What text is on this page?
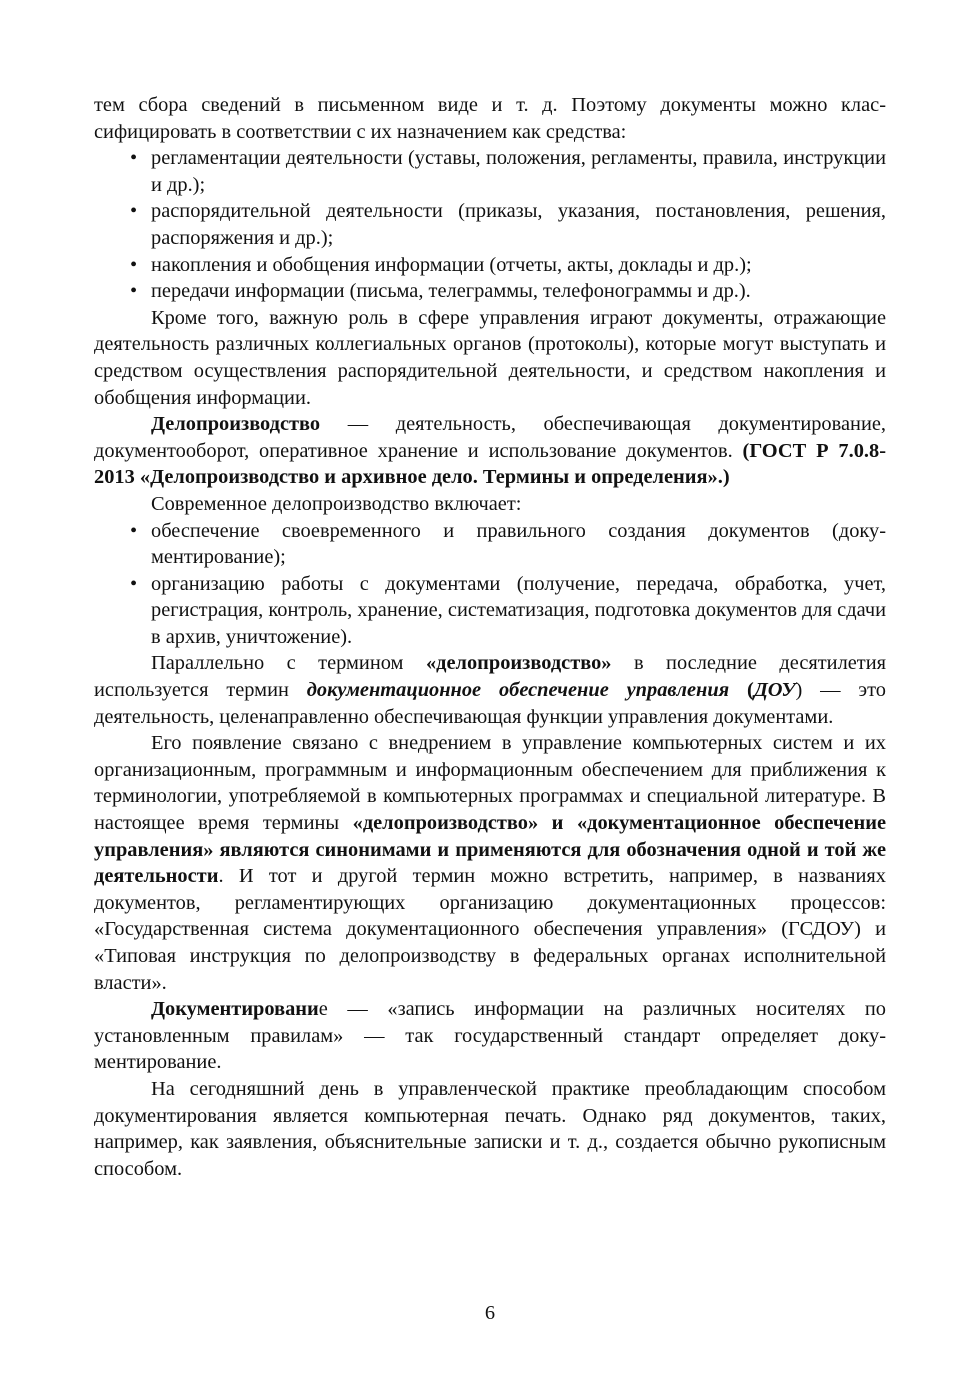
тем сбора сведений в письменном виде и т. д. Поэтому документы можно классифицировать в соответствии с их назначением как средства:

• регламентации деятельности (уставы, положения, регламенты, правила, инструкции и др.);
• распорядительной деятельности (приказы, указания, постановления, решения, распоряжения и др.);
• накопления и обобщения информации (отчеты, акты, доклады и др.);
• передачи информации (письма, телеграммы, телефонограммы и др.).

Кроме того, важную роль в сфере управления играют документы, отражающие деятельность различных коллегиальных органов (протоколы), которые могут выступать и средством осуществления распорядительной деятельности, и средством накопления и обобщения информации.

Делопроизводство — деятельность, обеспечивающая документирование, документооборот, оперативное хранение и использование документов. (ГОСТ Р 7.0.8-2013 «Делопроизводство и архивное дело. Термины и определения».)

Современное делопроизводство включает:

• обеспечение своевременного и правильного создания документов (документирование);
• организацию работы с документами (получение, передача, обработка, учет, регистрация, контроль, хранение, систематизация, подготовка документов для сдачи в архив, уничтожение).

Параллельно с термином «делопроизводство» в последние десятилетия используется термин документационное обеспечение управления (ДОУ) — это деятельность, целенаправленно обеспечивающая функции управления документами.

Его появление связано с внедрением в управление компьютерных систем и их организационным, программным и информационным обеспечением для приближения к терминологии, употребляемой в компьютерных программах и специальной литературе. В настоящее время термины «делопроизводство» и «документационное обеспечение управления» являются синонимами и применяются для обозначения одной и той же деятельности. И тот и другой термин можно встретить, например, в названиях документов, регламентирующих организацию документационных процессов: «Государственная система документационного обеспечения управления» (ГСДОУ) и «Типовая инструкция по делопроизводству в федеральных органах исполнительной власти».

Документирование — «запись информации на различных носителях по установленным правилам» — так государственный стандарт определяет документирование.

На сегодняшний день в управленческой практике преобладающим способом документирования является компьютерная печать. Однако ряд документов, таких, например, как заявления, объяснительные записки и т. д., создается обычно рукописным способом.

6
